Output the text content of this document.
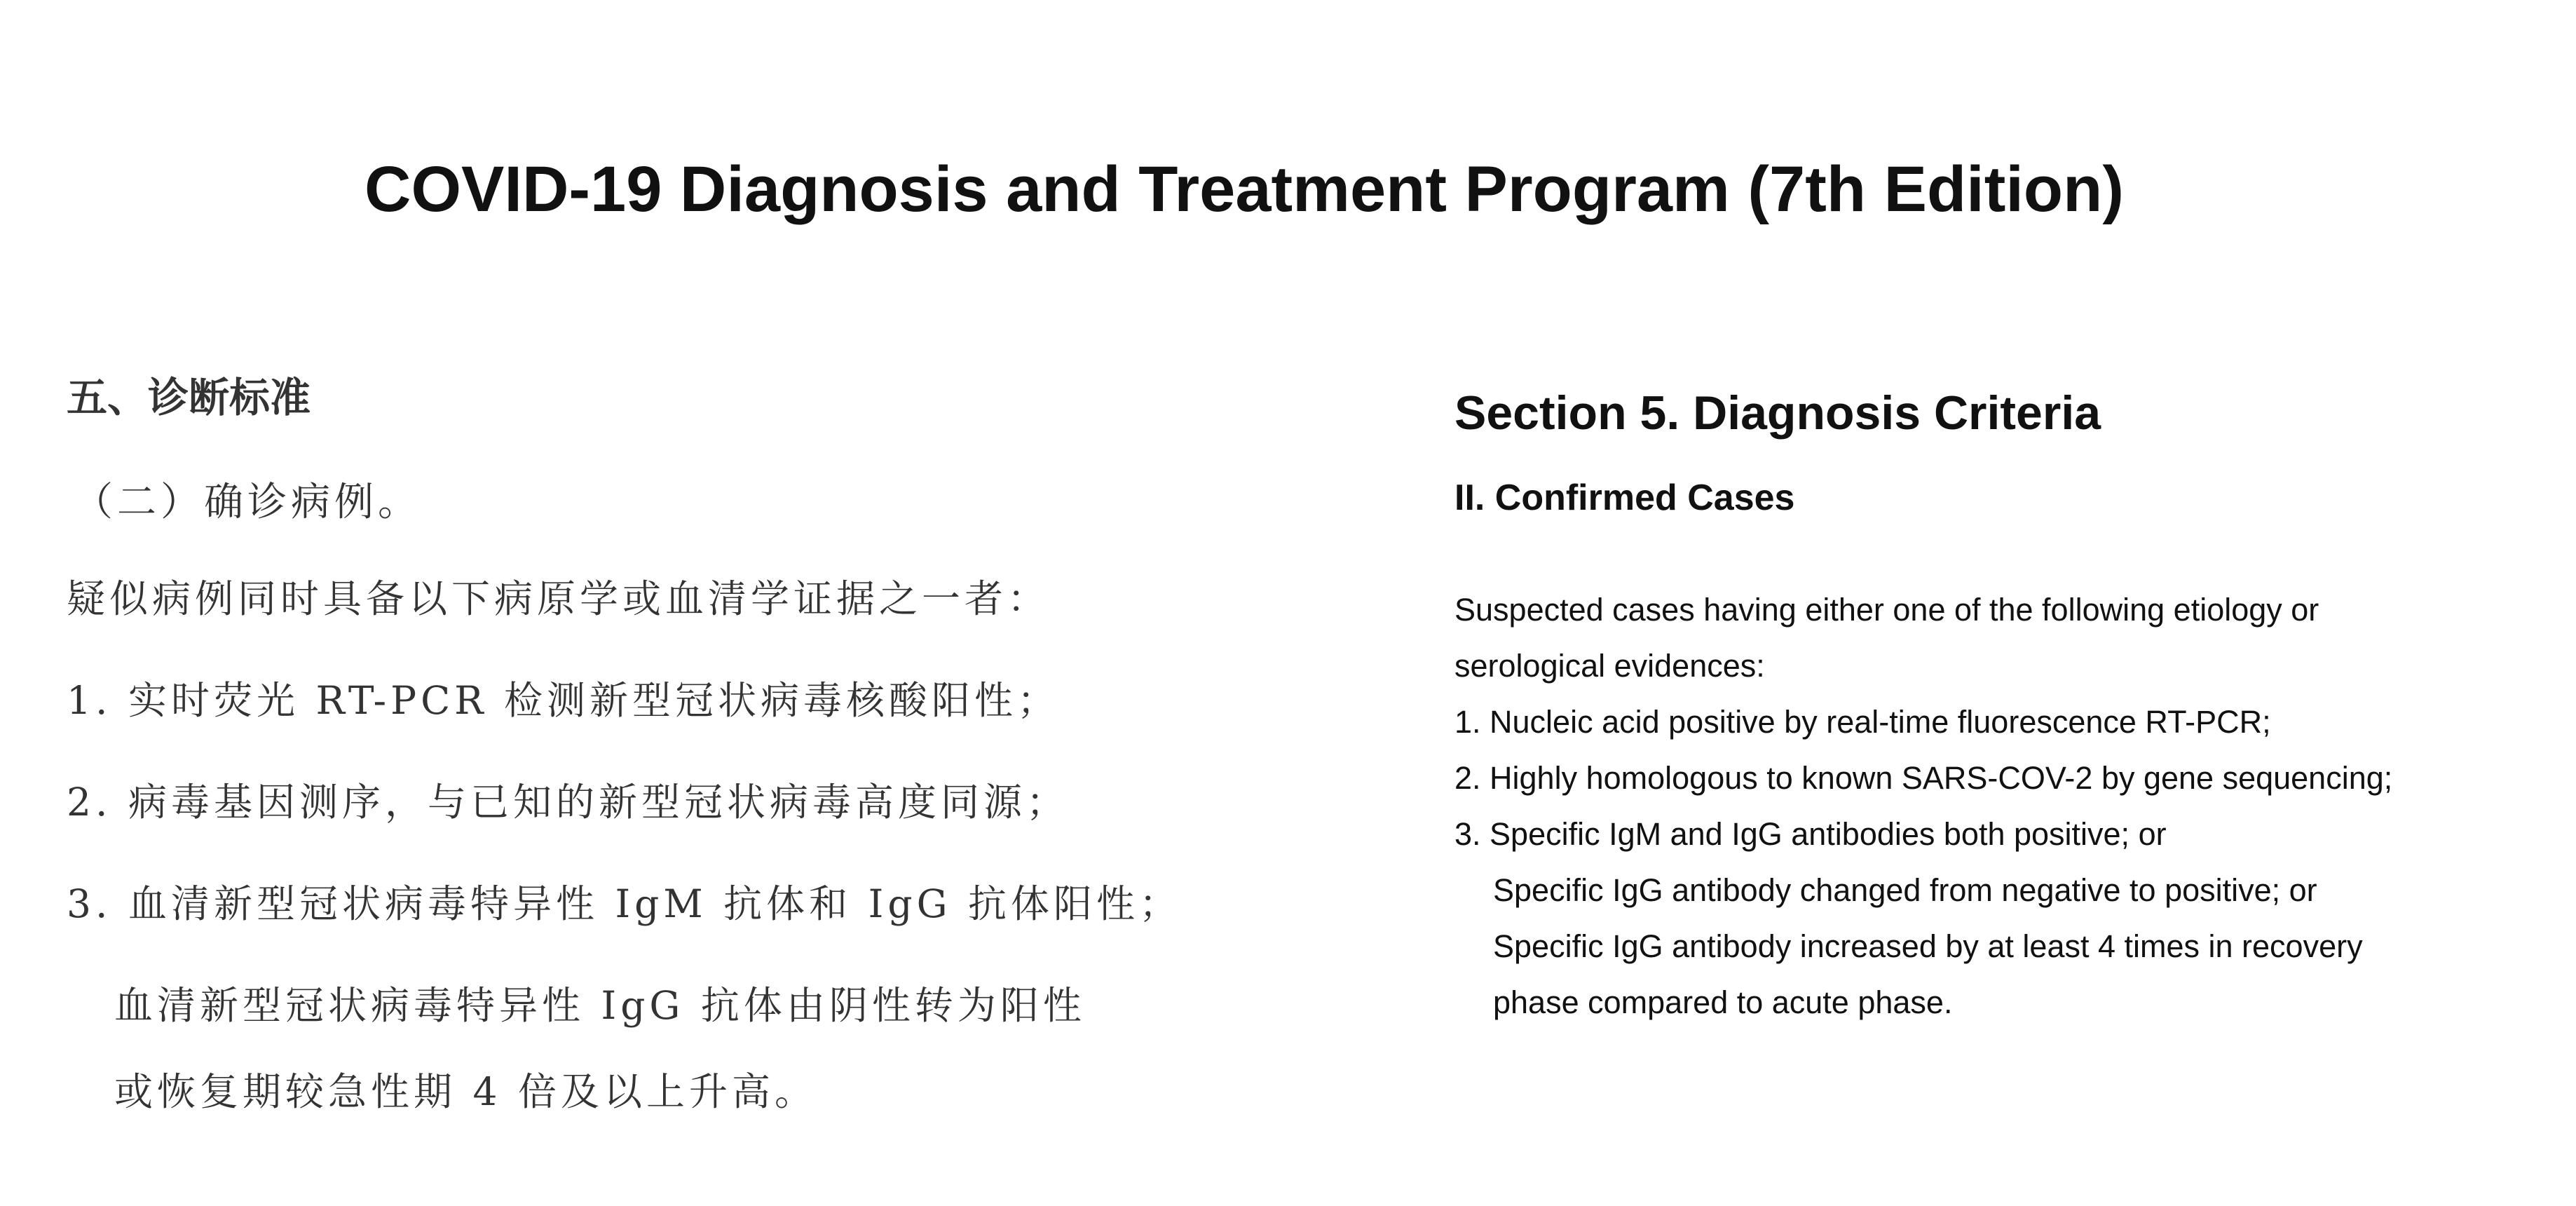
COVID-19 Diagnosis and Treatment Program (7th Edition)
五、诊断标准
（二）确诊病例。
疑似病例同时具备以下病原学或血清学证据之一者：
1. 实时荧光 RT-PCR 检测新型冠状病毒核酸阳性；
2. 病毒基因测序，与已知的新型冠状病毒高度同源；
3. 血清新型冠状病毒特异性 IgM 抗体和 IgG 抗体阳性；
血清新型冠状病毒特异性 IgG 抗体由阴性转为阳性
或恢复期较急性期 4 倍及以上升高。
Section 5. Diagnosis Criteria
II. Confirmed Cases
Suspected cases having either one of the following etiology or
serological evidences:
1. Nucleic acid positive by real-time fluorescence RT-PCR;
2. Highly homologous to known SARS-COV-2 by gene sequencing;
3. Specific IgM and IgG antibodies both positive; or
Specific IgG antibody changed from negative to positive; or
Specific IgG antibody increased by at least 4 times in recovery
phase compared to acute phase.
